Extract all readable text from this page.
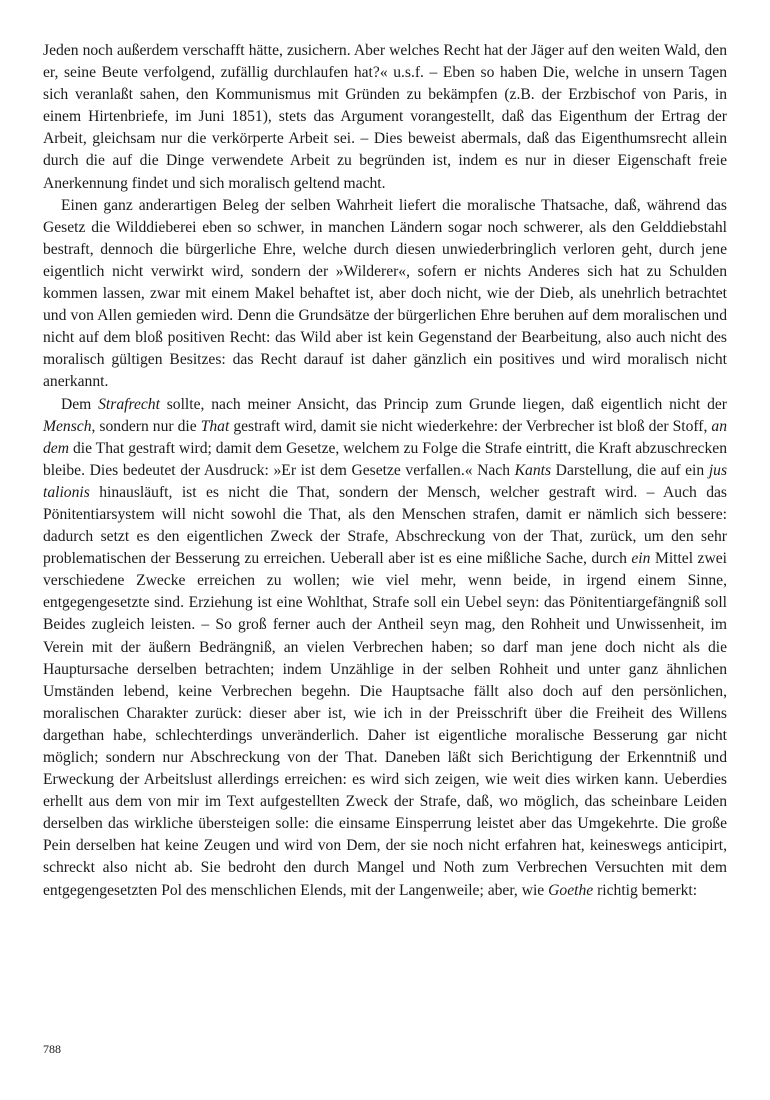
Jeden noch außerdem verschafft hätte, zusichern. Aber welches Recht hat der Jäger auf den weiten Wald, den er, seine Beute verfolgend, zufällig durchlaufen hat?« u.s.f. – Eben so haben Die, welche in unsern Tagen sich veranlaßt sahen, den Kommunismus mit Gründen zu bekämpfen (z.B. der Erzbischof von Paris, in einem Hirtenbriefe, im Juni 1851), stets das Argument vorangestellt, daß das Eigenthum der Ertrag der Arbeit, gleichsam nur die verkörperte Arbeit sei. – Dies beweist abermals, daß das Eigenthumsrecht allein durch die auf die Dinge verwendete Arbeit zu begründen ist, indem es nur in dieser Eigenschaft freie Anerkennung findet und sich moralisch geltend macht.

Einen ganz anderartigen Beleg der selben Wahrheit liefert die moralische Thatsache, daß, während das Gesetz die Wilddieberei eben so schwer, in manchen Ländern sogar noch schwerer, als den Gelddiebstahl bestraft, dennoch die bürgerliche Ehre, welche durch diesen unwiederbringlich verloren geht, durch jene eigentlich nicht verwirkt wird, sondern der »Wilderer«, sofern er nichts Anderes sich hat zu Schulden kommen lassen, zwar mit einem Makel behaftet ist, aber doch nicht, wie der Dieb, als unehrlich betrachtet und von Allen gemieden wird. Denn die Grundsätze der bürgerlichen Ehre beruhen auf dem moralischen und nicht auf dem bloß positiven Recht: das Wild aber ist kein Gegenstand der Bearbeitung, also auch nicht des moralisch gültigen Besitzes: das Recht darauf ist daher gänzlich ein positives und wird moralisch nicht anerkannt.

Dem Strafrecht sollte, nach meiner Ansicht, das Princip zum Grunde liegen, daß eigentlich nicht der Mensch, sondern nur die That gestraft wird, damit sie nicht wiederkehre: der Verbrecher ist bloß der Stoff, an dem die That gestraft wird; damit dem Gesetze, welchem zu Folge die Strafe eintritt, die Kraft abzuschrecken bleibe. Dies bedeutet der Ausdruck: »Er ist dem Gesetze verfallen.« Nach Kants Darstellung, die auf ein jus talionis hinausläuft, ist es nicht die That, sondern der Mensch, welcher gestraft wird. – Auch das Pönitentiarsystem will nicht sowohl die That, als den Menschen strafen, damit er nämlich sich bessere: dadurch setzt es den eigentlichen Zweck der Strafe, Abschreckung von der That, zurück, um den sehr problematischen der Besserung zu erreichen. Ueberall aber ist es eine mißliche Sache, durch ein Mittel zwei verschiedene Zwecke erreichen zu wollen; wie viel mehr, wenn beide, in irgend einem Sinne, entgegengesetzte sind. Erziehung ist eine Wohlthat, Strafe soll ein Uebel seyn: das Pönitentiargefängniß soll Beides zugleich leisten. – So groß ferner auch der Antheil seyn mag, den Rohheit und Unwissenheit, im Verein mit der äußern Bedrängniß, an vielen Verbrechen haben; so darf man jene doch nicht als die Hauptursache derselben betrachten; indem Unzählige in der selben Rohheit und unter ganz ähnlichen Umständen lebend, keine Verbrechen begehn. Die Hauptsache fällt also doch auf den persönlichen, moralischen Charakter zurück: dieser aber ist, wie ich in der Preisschrift über die Freiheit des Willens dargethan habe, schlechterdings unveränderlich. Daher ist eigentliche moralische Besserung gar nicht möglich; sondern nur Abschreckung von der That. Daneben läßt sich Berichtigung der Erkenntniß und Erweckung der Arbeitslust allerdings erreichen: es wird sich zeigen, wie weit dies wirken kann. Ueberdies erhellt aus dem von mir im Text aufgestellten Zweck der Strafe, daß, wo möglich, das scheinbare Leiden derselben das wirkliche übersteigen solle: die einsame Einsperrung leistet aber das Umgekehrte. Die große Pein derselben hat keine Zeugen und wird von Dem, der sie noch nicht erfahren hat, keineswegs anticipirt, schreckt also nicht ab. Sie bedroht den durch Mangel und Noth zum Verbrechen Versuchten mit dem entgegengesetzten Pol des menschlichen Elends, mit der Langenweile; aber, wie Goethe richtig bemerkt:

788
